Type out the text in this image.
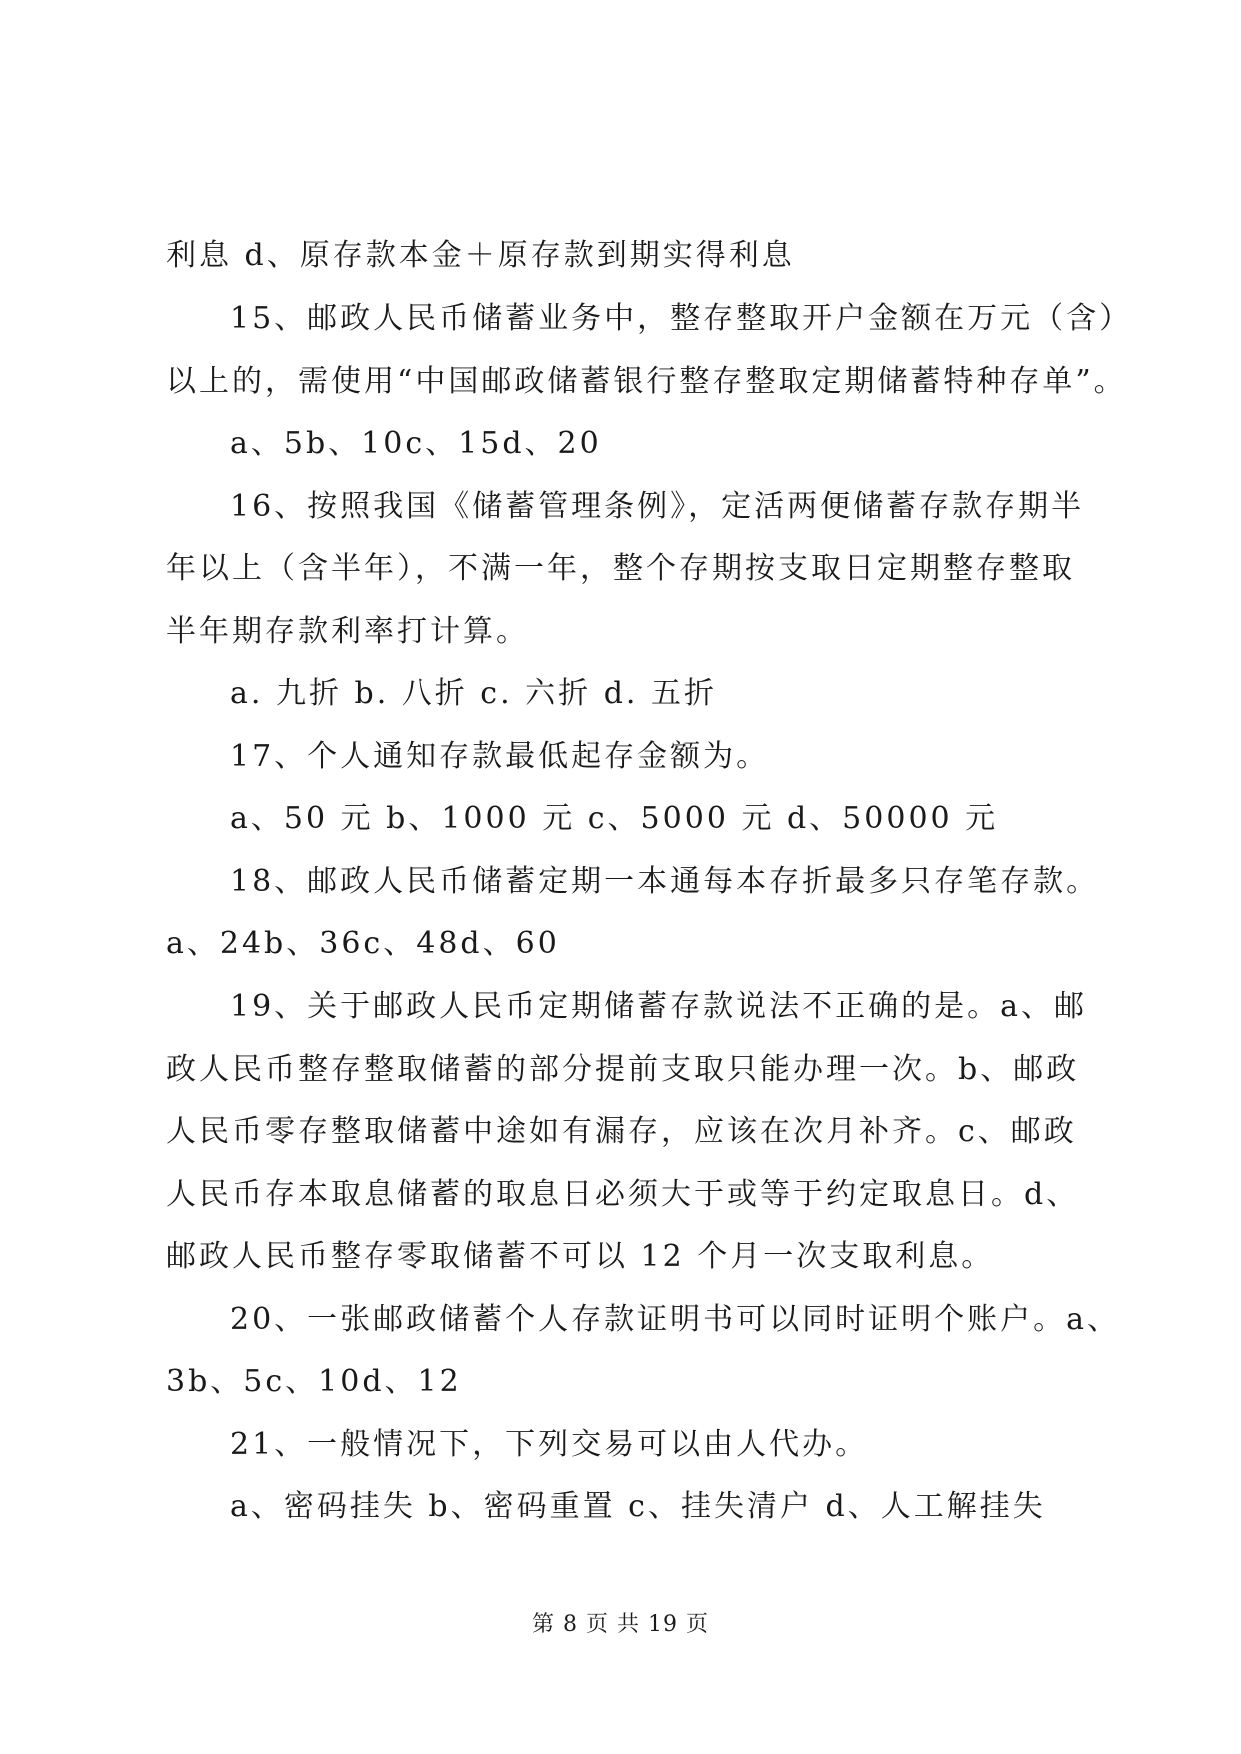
利息 d、原存款本金＋原存款到期实得利息
15、邮政人民币储蓄业务中，整存整取开户金额在万元（含）
以上的，需使用“中国邮政储蓄银行整存整取定期储蓄特种存单”。
a、5b、10c、15d、20
16、按照我国《储蓄管理条例》，定活两便储蓄存款存期半
年以上（含半年），不满一年，整个存期按支取日定期整存整取
半年期存款利率打计算。
a. 九折 b. 八折 c. 六折 d. 五折
17、个人通知存款最低起存金额为。
a、50 元 b、1000 元 c、5000 元 d、50000 元
18、邮政人民币储蓄定期一本通每本存折最多只存笔存款。
a、24b、36c、48d、60
19、关于邮政人民币定期储蓄存款说法不正确的是。a、邮
政人民币整存整取储蓄的部分提前支取只能办理一次。b、邮政
人民币零存整取储蓄中途如有漏存，应该在次月补齐。c、邮政
人民币存本取息储蓄的取息日必须大于或等于约定取息日。d、
邮政人民币整存零取储蓄不可以 12 个月一次支取利息。
20、一张邮政储蓄个人存款证明书可以同时证明个账户。a、
3b、5c、10d、12
21、一般情况下，下列交易可以由人代办。
a、密码挂失 b、密码重置 c、挂失清户 d、人工解挂失
第 8 页 共 19 页
